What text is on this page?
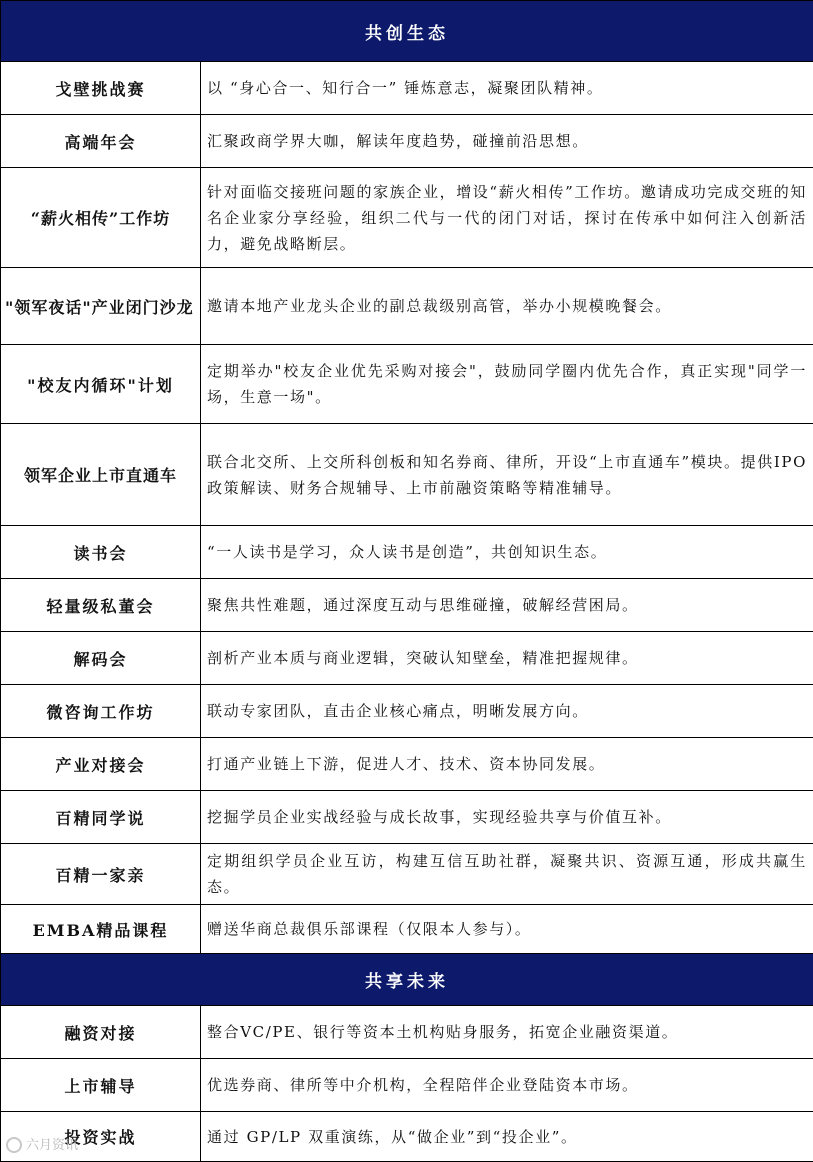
共创生态	
戈壁挑战赛	以 “身心合一、知行合一” 锤炼意志，凝聚团队精神。
高端年会	汇聚政商学界大咖，解读年度趋势，碰撞前沿思想。
“薪火相传”工作坊	针对面临交接班问题的家族企业，增设“薪火相传”工作坊。邀请成功完成交班的知名企业家分享经验，组织二代与一代的闭门对话，探讨在传承中如何注入创新活力，避免战略断层。
"领军夜话"产业闭门沙龙	邀请本地产业龙头企业的副总裁级别高管，举办小规模晚餐会。
"校友内循环"计划	定期举办"校友企业优先采购对接会"，鼓励同学圈内优先合作，真正实现"同学一场，生意一场"。
领军企业上市直通车	联合北交所、上交所科创板和知名券商、律所，开设“上市直通车”模块。提供IPO政策解读、财务合规辅导、上市前融资策略等精准辅导。
读书会	“一人读书是学习，众人读书是创造”，共创知识生态。
轻量级私董会	聚焦共性难题，通过深度互动与思维碰撞，破解经营困局。
解码会	剖析产业本质与商业逻辑，突破认知壁垒，精准把握规律。
微咨询工作坊	联动专家团队，直击企业核心痛点，明晰发展方向。
产业对接会	打通产业链上下游，促进人才、技术、资本协同发展。
百精同学说	挖掘学员企业实战经验与成长故事，实现经验共享与价值互补。
百精一家亲	定期组织学员企业互访，构建互信互助社群，凝聚共识、资源互通，形成共赢生态。
EMBA精品课程	赠送华商总裁俱乐部课程（仅限本人参与）。
共享未来	
融资对接	整合VC/PE、银行等资本土机构贴身服务，拓宽企业融资渠道。
上市辅导	优选券商、律所等中介机构，全程陪伴企业登陆资本市场。
投资实战	通过 GP/LP 双重演练，从“做企业”到“投企业”。
六月资讯
